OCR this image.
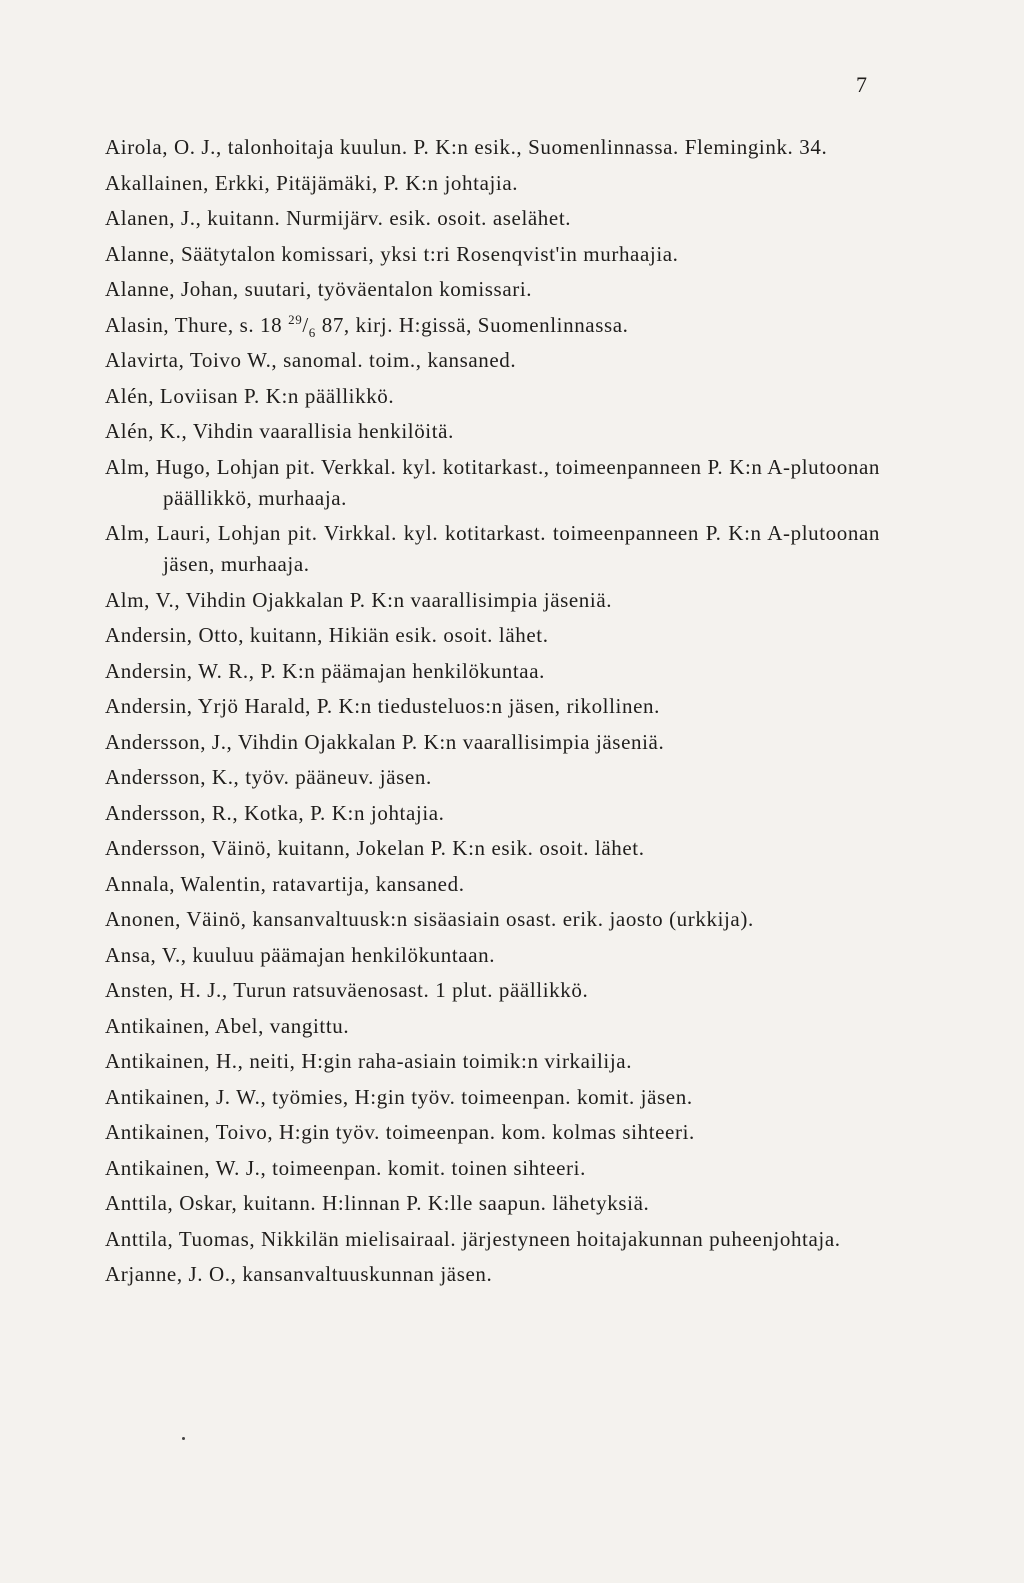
7
Airola, O. J., talonhoitaja kuulun. P. K:n esik., Suomenlinnassa. Flemingink. 34.
Akallainen, Erkki, Pitäjämäki, P. K:n johtajia.
Alanen, J., kuitann. Nurmijärv. esik. osoit. aselähet.
Alanne, Säätytalon komissari, yksi t:ri Rosenqvist'in murhaajia.
Alanne, Johan, suutari, työväentalon komissari.
Alasin, Thure, s. 18 $^{29}/_6$ 87, kirj. H:gissä, Suomenlinnassa.
Alavirta, Toivo W., sanomal. toim., kansaned.
Alén, Loviisan P. K:n päällikkö.
Alén, K., Vihdin vaarallisia henkilöitä.
Alm, Hugo, Lohjan pit. Verkkal. kyl. kotitarkast., toimeenpanneen P. K:n A-plutoonan päällikkö, murhaaja.
Alm, Lauri, Lohjan pit. Virkkal. kyl. kotitarkast. toimeenpanneen P. K:n A-plutoonan jäsen, murhaaja.
Alm, V., Vihdin Ojakkalan P. K:n vaarallisimpia jäseniä.
Andersin, Otto, kuitann, Hikiän esik. osoit. lähet.
Andersin, W. R., P. K:n päämajan henkilökuntaa.
Andersin, Yrjö Harald, P. K:n tiedusteluos:n jäsen, rikollinen.
Andersson, J., Vihdin Ojakkalan P. K:n vaarallisimpia jäseniä.
Andersson, K., työv. pääneuv. jäsen.
Andersson, R., Kotka, P. K:n johtajia.
Andersson, Väinö, kuitann, Jokelan P. K:n esik. osoit. lähet.
Annala, Walentin, ratavartija, kansaned.
Anonen, Väinö, kansanvaltuusk:n sisäasiain osast. erik. jaosto (urkkija).
Ansa, V., kuuluu päämajan henkilökuntaan.
Ansten, H. J., Turun ratsuväenosast. 1 plut. päällikkö.
Antikainen, Abel, vangittu.
Antikainen, H., neiti, H:gin raha-asiain toimik:n virkailija.
Antikainen, J. W., työmies, H:gin työv. toimeenpan. komit. jäsen.
Antikainen, Toivo, H:gin työv. toimeenpan. kom. kolmas sihteeri.
Antikainen, W. J., toimeenpan. komit. toinen sihteeri.
Anttila, Oskar, kuitann. H:linnan P. K:lle saapun. lähetyksiä.
Anttila, Tuomas, Nikkilän mielisairaal. järjestyneen hoitajakunnan puheenjohtaja.
Arjanne, J. O., kansanvaltuuskunnan jäsen.
